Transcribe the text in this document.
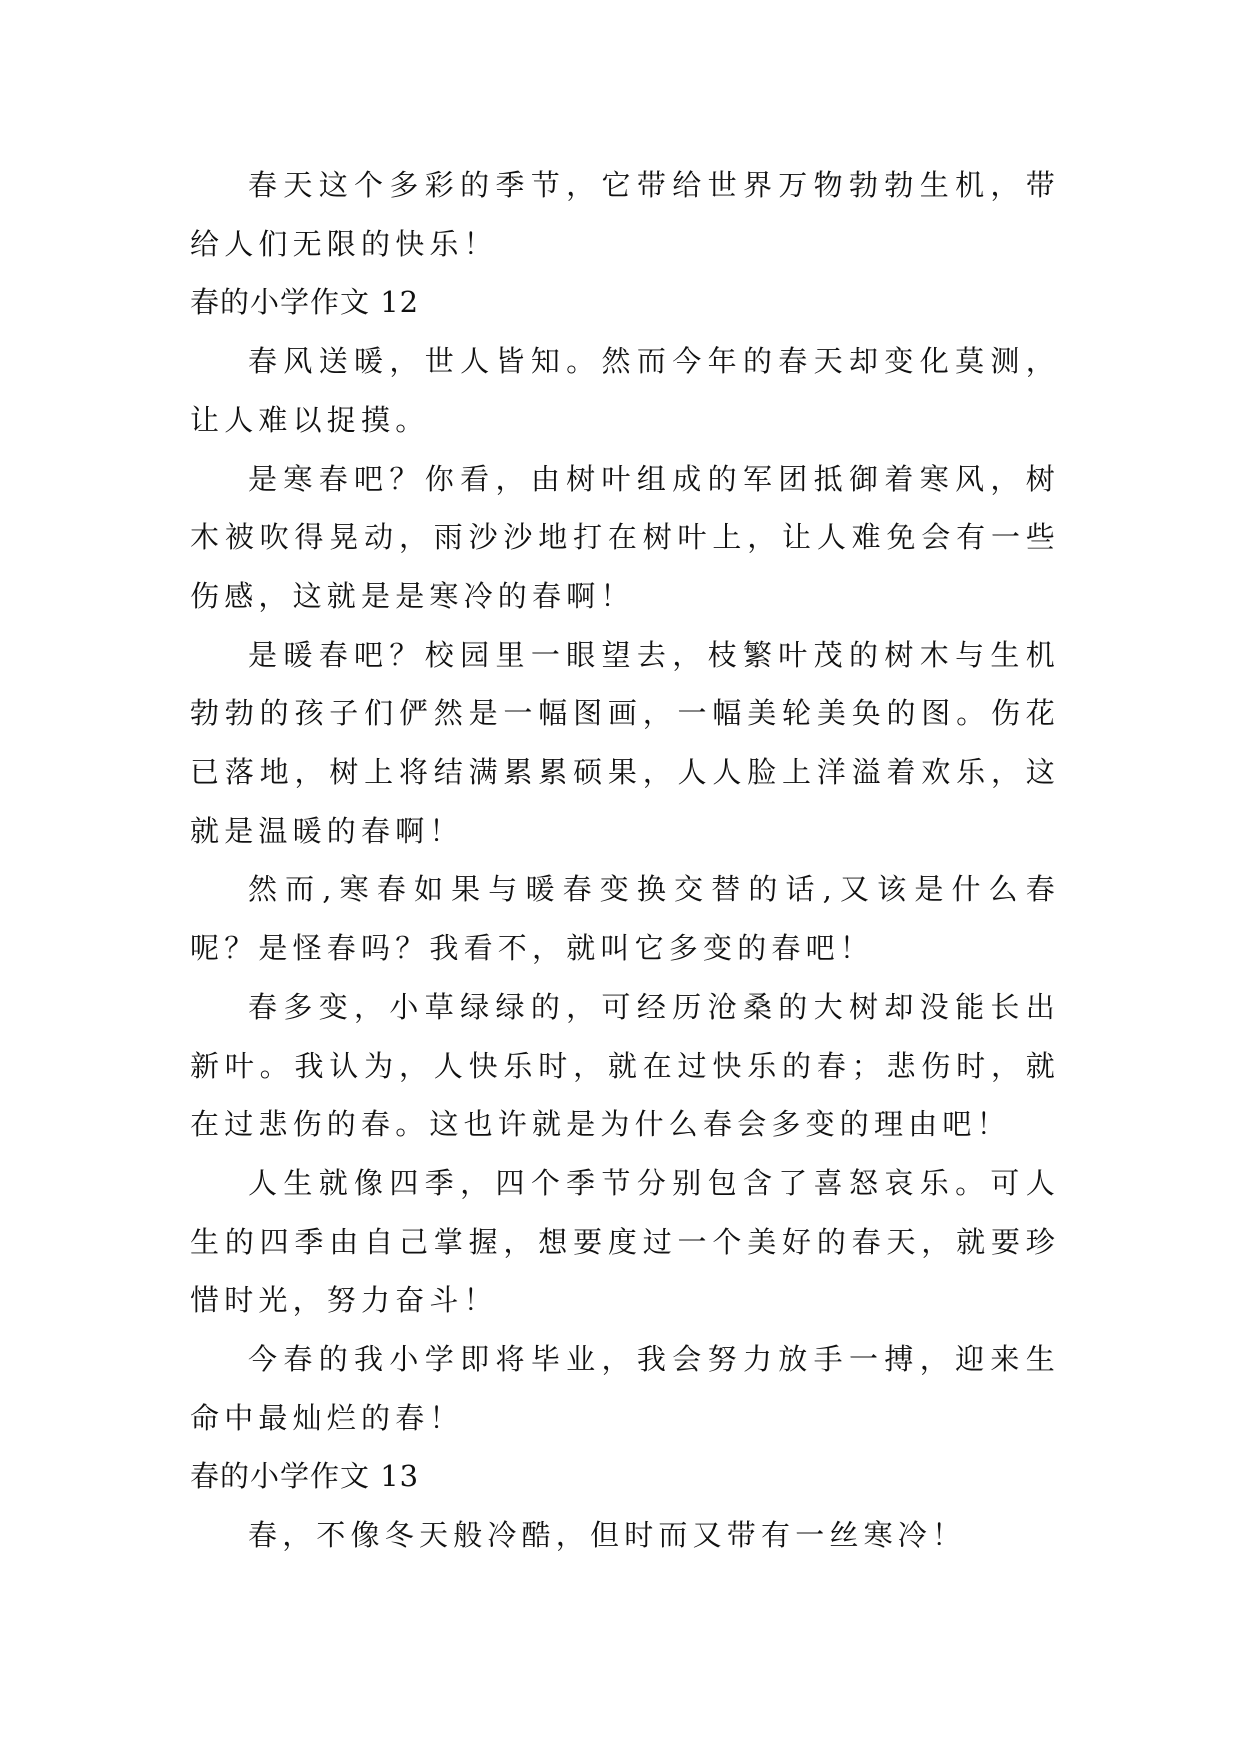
春天这个多彩的季节，它带给世界万物勃勃生机，带给人们无限的快乐！

春的小学作文 12

春风送暖，世人皆知。然而今年的春天却变化莫测，让人难以捉摸。

是寒春吧？你看，由树叶组成的军团抵御着寒风，树木被吹得晃动，雨沙沙地打在树叶上，让人难免会有一些伤感，这就是是寒冷的春啊！

是暖春吧？校园里一眼望去，枝繁叶茂的树木与生机勃勃的孩子们俨然是一幅图画，一幅美轮美奂的图。伤花已落地，树上将结满累累硕果，人人脸上洋溢着欢乐，这就是温暖的春啊！

然而,寒春如果与暖春变换交替的话,又该是什么春呢？是怪春吗？我看不，就叫它多变的春吧！

春多变，小草绿绿的，可经历沧桑的大树却没能长出新叶。我认为，人快乐时，就在过快乐的春；悲伤时，就在过悲伤的春。这也许就是为什么春会多变的理由吧！

人生就像四季，四个季节分别包含了喜怒哀乐。可人生的四季由自己掌握，想要度过一个美好的春天，就要珍惜时光，努力奋斗！

今春的我小学即将毕业，我会努力放手一搏，迎来生命中最灿烂的春！

春的小学作文 13

春，不像冬天般冷酷，但时而又带有一丝寒冷！
